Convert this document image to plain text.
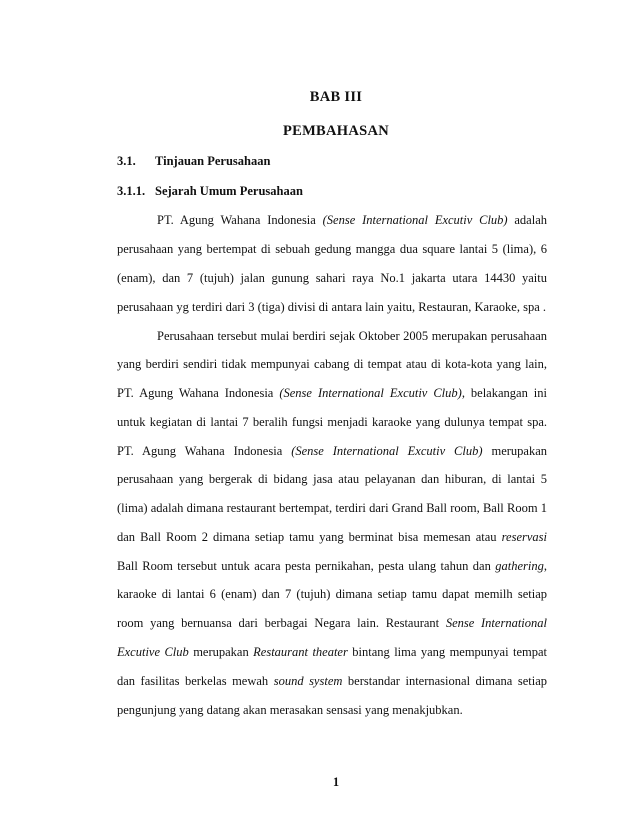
BAB III
PEMBAHASAN
3.1. Tinjauan Perusahaan
3.1.1. Sejarah Umum Perusahaan
PT. Agung Wahana Indonesia (Sense International Excutiv Club) adalah
perusahaan yang bertempat di sebuah gedung mangga dua square lantai 5 (lima), 6
(enam), dan 7 (tujuh) jalan gunung sahari raya No.1 jakarta utara 14430 yaitu
perusahaan yg terdiri dari 3 (tiga) divisi di antara lain yaitu, Restauran, Karaoke, spa .
Perusahaan tersebut mulai berdiri sejak Oktober 2005 merupakan perusahaan
yang berdiri sendiri tidak mempunyai cabang di tempat atau di kota-kota yang lain,
PT. Agung Wahana Indonesia (Sense International Excutiv Club), belakangan ini
untuk kegiatan di lantai 7 beralih fungsi menjadi karaoke yang dulunya tempat spa.
PT. Agung Wahana Indonesia (Sense International Excutiv Club) merupakan
perusahaan yang bergerak di bidang jasa atau pelayanan dan hiburan, di lantai 5
(lima) adalah dimana restaurant bertempat, terdiri dari Grand Ball room, Ball Room 1
dan Ball Room 2 dimana setiap tamu yang berminat bisa memesan atau reservasi
Ball Room tersebut untuk acara pesta pernikahan, pesta ulang tahun dan gathering,
karaoke di lantai 6 (enam) dan 7 (tujuh) dimana setiap tamu dapat memilh setiap
room yang bernuansa dari berbagai Negara lain. Restaurant Sense International
Excutive Club merupakan Restaurant theater bintang lima yang mempunyai tempat
dan fasilitas berkelas mewah sound system berstandar internasional dimana setiap
pengunjung yang datang akan merasakan sensasi yang menakjubkan.
1
